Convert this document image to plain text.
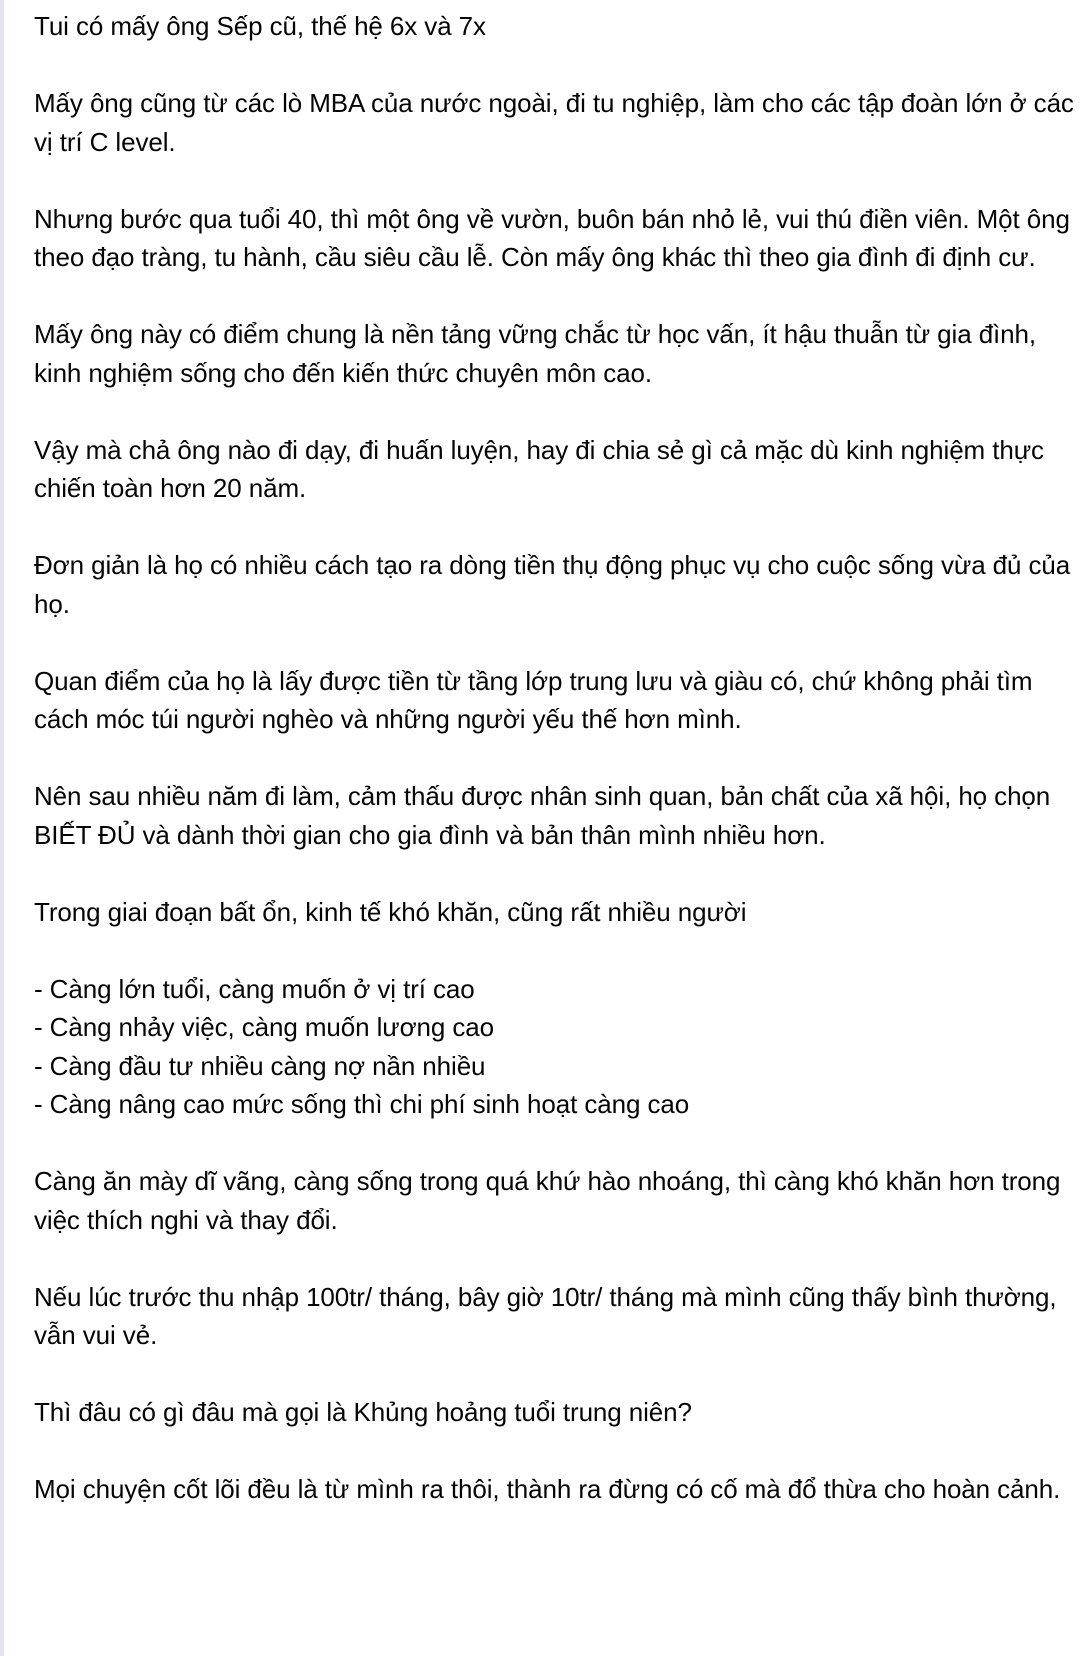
Tui có mấy ông Sếp cũ, thế hệ 6x và 7x

Mấy ông cũng từ các lò MBA của nước ngoài, đi tu nghiệp, làm cho các tập đoàn lớn ở các vị trí C level.

Nhưng bước qua tuổi 40, thì một ông về vườn, buôn bán nhỏ lẻ, vui thú điền viên. Một ông theo đạo tràng, tu hành, cầu siêu cầu lễ. Còn mấy ông khác thì theo gia đình đi định cư.

Mấy ông này có điểm chung là nền tảng vững chắc từ học vấn, ít hậu thuẫn từ gia đình, kinh nghiệm sống cho đến kiến thức chuyên môn cao.

Vậy mà chả ông nào đi dạy, đi huấn luyện, hay đi chia sẻ gì cả mặc dù kinh nghiệm thực chiến toàn hơn 20 năm.

Đơn giản là họ có nhiều cách tạo ra dòng tiền thụ động phục vụ cho cuộc sống vừa đủ của họ.

Quan điểm của họ là lấy được tiền từ tầng lớp trung lưu và giàu có, chứ không phải tìm cách móc túi người nghèo và những người yếu thế hơn mình.

Nên sau nhiều năm đi làm, cảm thấu được nhân sinh quan, bản chất của xã hội, họ chọn BIẾT ĐỦ và dành thời gian cho gia đình và bản thân mình nhiều hơn.

Trong giai đoạn bất ổn, kinh tế khó khăn, cũng rất nhiều người

- Càng lớn tuổi, càng muốn ở vị trí cao
- Càng nhảy việc, càng muốn lương cao
- Càng đầu tư nhiều càng nợ nần nhiều
- Càng nâng cao mức sống thì chi phí sinh hoạt càng cao

Càng ăn mày dĩ vãng, càng sống trong quá khứ hào nhoáng, thì càng khó khăn hơn trong việc thích nghi và thay đổi.

Nếu lúc trước thu nhập 100tr/ tháng, bây giờ 10tr/ tháng mà mình cũng thấy bình thường, vẫn vui vẻ.

Thì đâu có gì đâu mà gọi là Khủng hoảng tuổi trung niên?

Mọi chuyện cốt lõi đều là từ mình ra thôi, thành ra đừng có cố mà đổ thừa cho hoàn cảnh.
